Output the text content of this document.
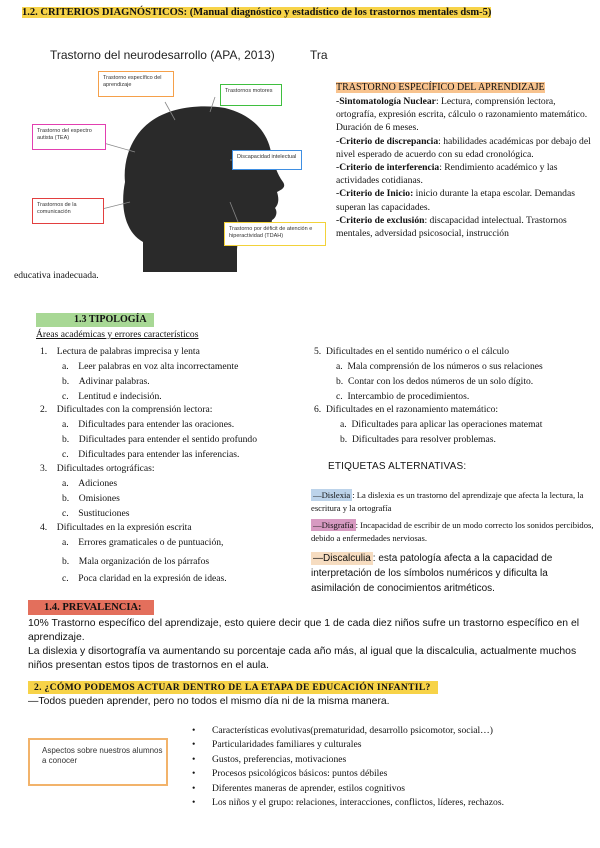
1.2. CRITERIOS DIAGNÓSTICOS: (Manual diagnóstico y estadístico de los trastornos mentales dsm-5)
Trastorno del neurodesarrollo (APA, 2013)	Tra
Trastorno específico del aprendizaje
Trastornos motores
Trastorno del espectro autista (TEA)
Discapacidad intelectual
Trastornos de la comunicación
Trastorno por déficit de atención e hiperactividad (TDAH)
TRASTORNO ESPECÍFICO DEL APRENDIZAJE
-Sintomatología Nuclear: Lectura, comprensión lectora, ortografía, expresión escrita, cálculo o razonamiento matemático. Duración de 6 meses.
-Criterio de discrepancia: habilidades académicas por debajo del nivel esperado de acuerdo con su edad cronológica.
-Criterio de interferencia: Rendimiento académico y las actividades cotidianas.
-Criterio de Inicio: inicio durante la etapa escolar. Demandas superan las capacidades.
-Criterio de exclusión: discapacidad intelectual. Trastornos mentales, adversidad psicosocial, instrucción
educativa inadecuada.
1.3 TIPOLOGÍA
Áreas académicas y errores característicos
1. Lectura de palabras imprecisa y lenta
a. Leer palabras en voz alta incorrectamente
b. Adivinar palabras.
c. Lentitud e indecisión.
2. Dificultades con la comprensión lectora:
a. Dificultades para entender las oraciones.
b. Dificultades para entender el sentido profundo
c. Dificultades para entender las inferencias.
3. Dificultades ortográficas:
a. Adiciones
b. Omisiones
c. Sustituciones
4. Dificultades en la expresión escrita
a. Errores gramaticales o de puntuación,
b. Mala organización de los párrafos
c. Poca claridad en la expresión de ideas.
5. Dificultades en el sentido numérico o el cálculo
a. Mala comprensión de los números o sus relaciones
b. Contar con los dedos números de un solo dígito.
c. Intercambio de procedimientos.
6. Dificultades en el razonamiento matemático:
a. Dificultades para aplicar las operaciones matemat
b. Dificultades para resolver problemas.
ETIQUETAS ALTERNATIVAS:
—Dislexia : La dislexia es un trastorno del aprendizaje que afecta la lectura, la escritura y la ortografía
—Disgrafía : Incapacidad de escribir de un modo correcto los sonidos percibidos, debido a enfermedades nerviosas.
—Discalculia : esta patología afecta a la capacidad de interpretación de los símbolos numéricos y dificulta la asimilación de conocimientos aritméticos.
1.4. PREVALENCIA:
10% Trastorno específico del aprendizaje, esto quiere decir que 1 de cada diez niños sufre un trastorno específico en el aprendizaje.
La dislexia y disortografía va aumentando su porcentaje cada año más, al igual que la discalculia, actualmente muchos niños presentan estos tipos de trastornos en el aula.
2. ¿CÓMO PODEMOS ACTUAR DENTRO DE LA ETAPA DE EDUCACIÓN INFANTIL?
—Todos pueden aprender, pero no todos el mismo día ni de la misma manera.
Aspectos sobre nuestros alumnos a conocer
• Características evolutivas(prematuridad, desarrollo psicomotor, social…)
• Particularidades familiares y culturales
• Gustos, preferencias, motivaciones
• Procesos psicológicos básicos: puntos débiles
• Diferentes maneras de aprender, estilos cognitivos
• Los niños y el grupo: relaciones, interacciones, conflictos, líderes, rechazos.
